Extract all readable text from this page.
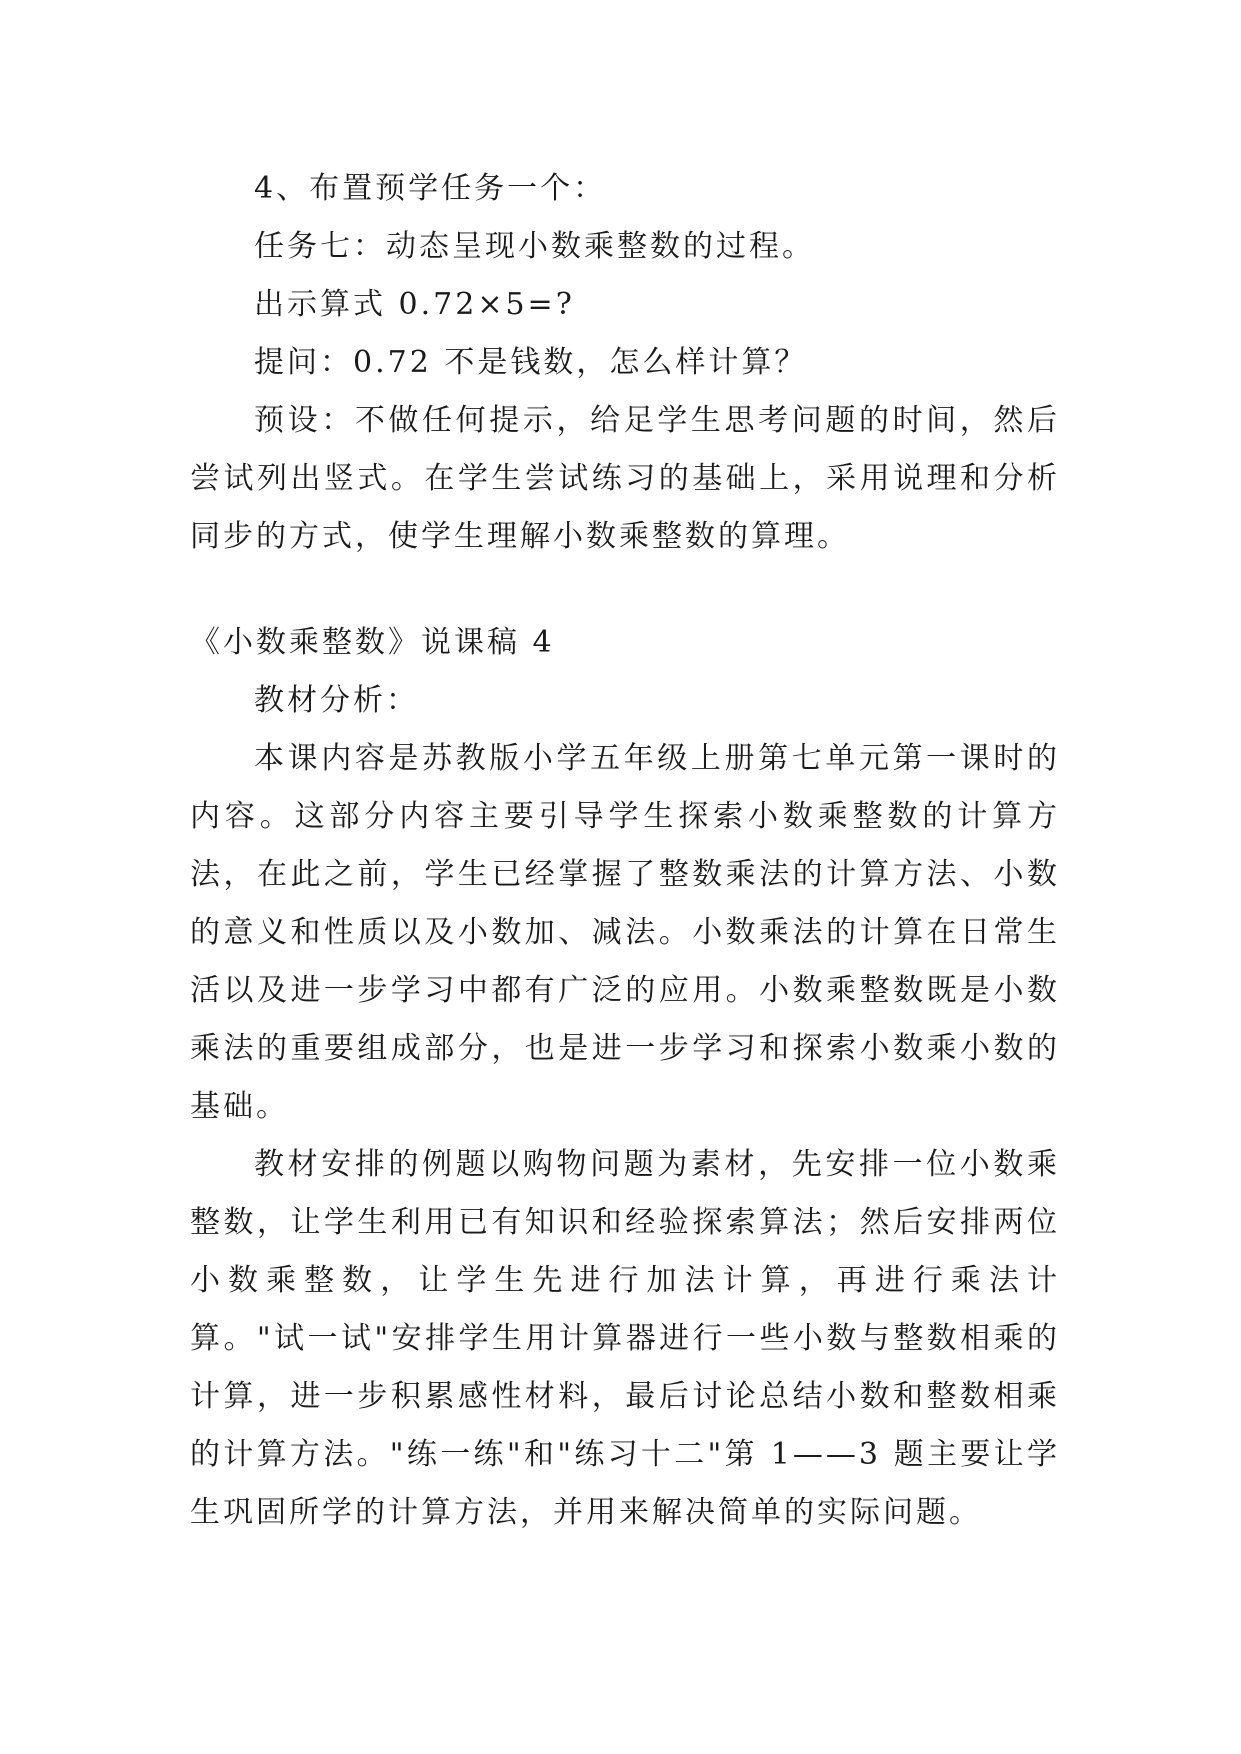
4、布置预学任务一个：

任务七：动态呈现小数乘整数的过程。

出示算式 0.72×5=?

提问：0.72 不是钱数，怎么样计算？

预设：不做任何提示，给足学生思考问题的时间，然后尝试列出竖式。在学生尝试练习的基础上，采用说理和分析同步的方式，使学生理解小数乘整数的算理。

《小数乘整数》说课稿 4

教材分析：

本课内容是苏教版小学五年级上册第七单元第一课时的内容。这部分内容主要引导学生探索小数乘整数的计算方法，在此之前，学生已经掌握了整数乘法的计算方法、小数的意义和性质以及小数加、减法。小数乘法的计算在日常生活以及进一步学习中都有广泛的应用。小数乘整数既是小数乘法的重要组成部分，也是进一步学习和探索小数乘小数的基础。

教材安排的例题以购物问题为素材，先安排一位小数乘整数，让学生利用已有知识和经验探索算法；然后安排两位小数乘整数，让学生先进行加法计算，再进行乘法计算。"试一试"安排学生用计算器进行一些小数与整数相乘的计算，进一步积累感性材料，最后讨论总结小数和整数相乘的计算方法。"练一练"和"练习十二"第 1——3 题主要让学生巩固所学的计算方法，并用来解决简单的实际问题。
